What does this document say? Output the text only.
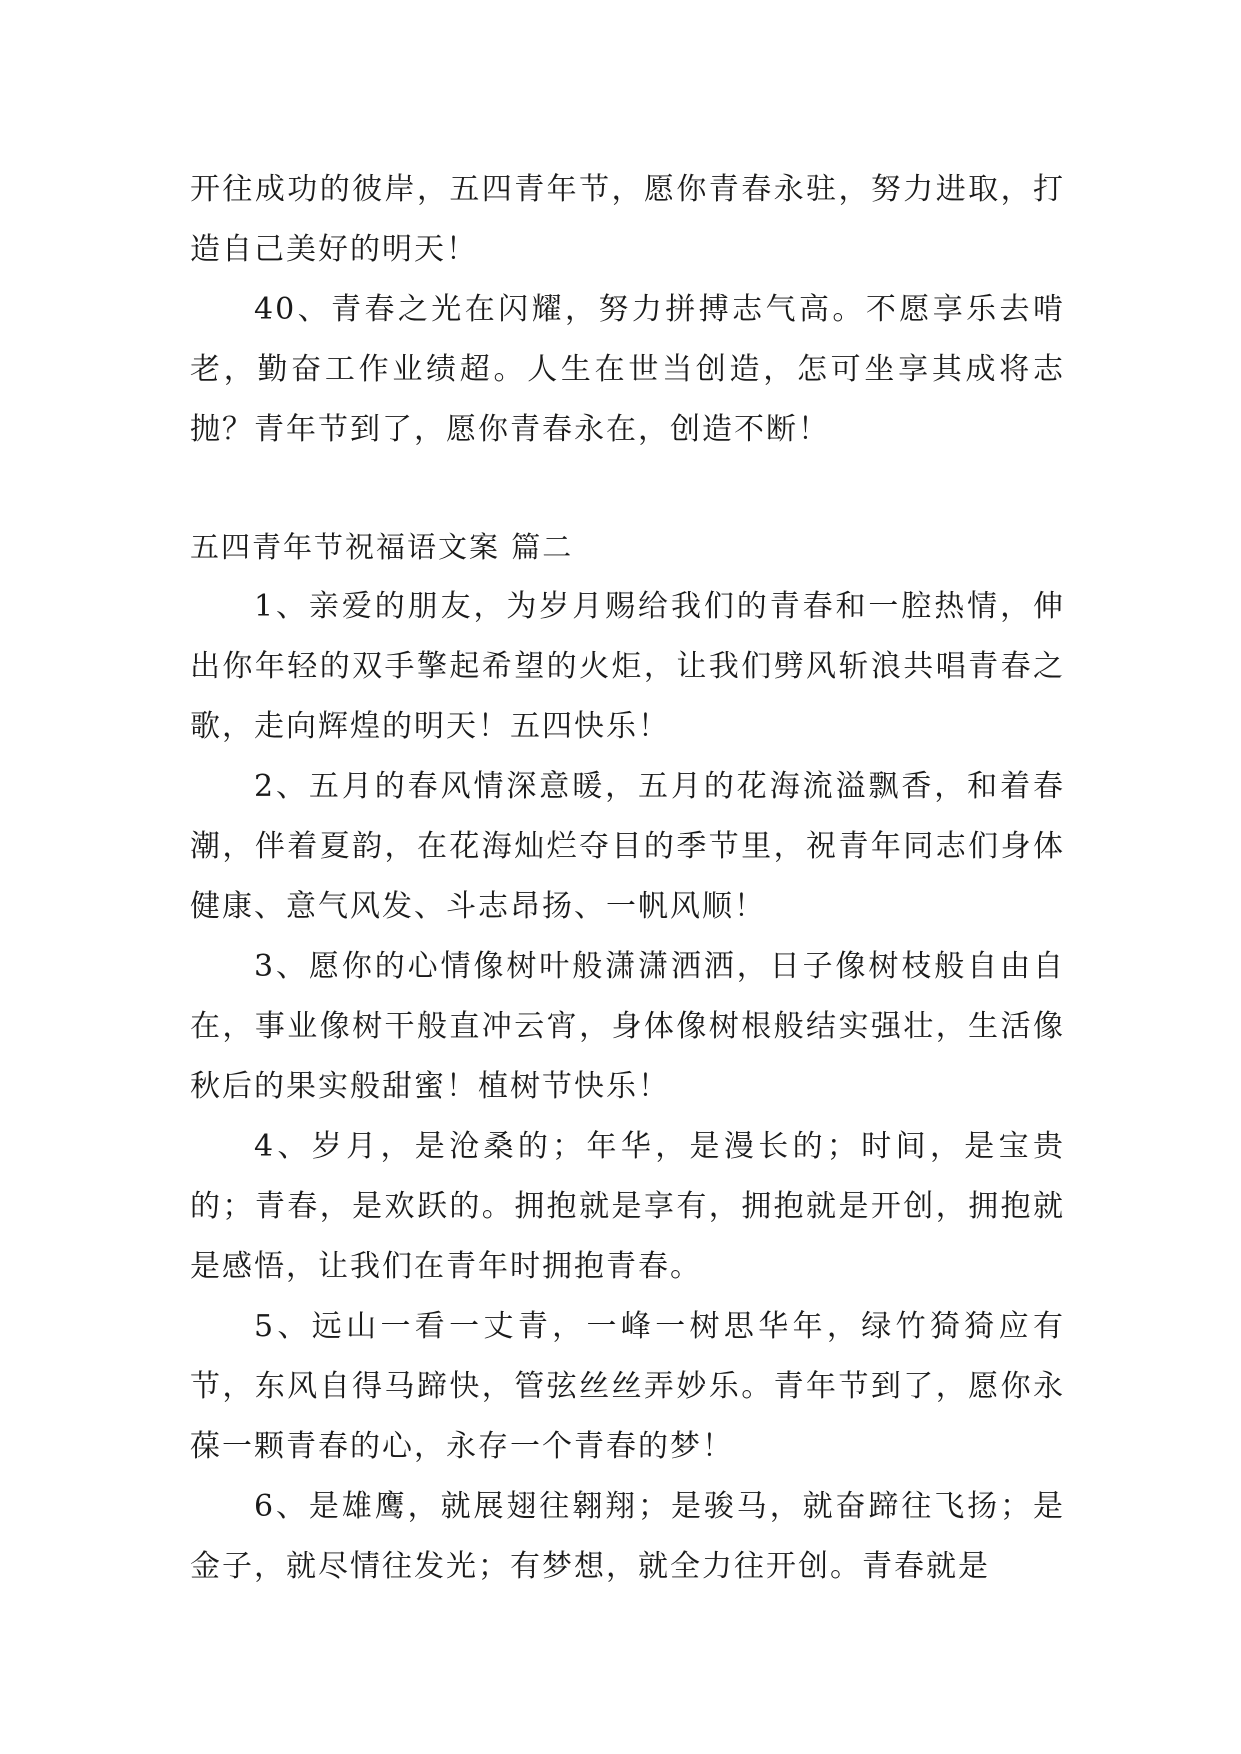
开往成功的彼岸，五四青年节，愿你青春永驻，努力进取，打造自己美好的明天！

40、青春之光在闪耀，努力拼搏志气高。不愿享乐去啃老，勤奋工作业绩超。人生在世当创造，怎可坐享其成将志抛？青年节到了，愿你青春永在，创造不断！

五四青年节祝福语文案 篇二

1、亲爱的朋友，为岁月赐给我们的青春和一腔热情，伸出你年轻的双手擎起希望的火炬，让我们劈风斩浪共唱青春之歌，走向辉煌的明天！五四快乐！

2、五月的春风情深意暖，五月的花海流溢飘香，和着春潮，伴着夏韵，在花海灿烂夺目的季节里，祝青年同志们身体健康、意气风发、斗志昂扬、一帆风顺！

3、愿你的心情像树叶般潇潇洒洒，日子像树枝般自由自在，事业像树干般直冲云宵，身体像树根般结实强壮，生活像秋后的果实般甜蜜！植树节快乐！

4、岁月，是沧桑的；年华，是漫长的；时间，是宝贵的；青春，是欢跃的。拥抱就是享有，拥抱就是开创，拥抱就是感悟，让我们在青年时拥抱青春。

5、远山一看一丈青，一峰一树思华年，绿竹猗猗应有节，东风自得马蹄快，管弦丝丝弄妙乐。青年节到了，愿你永葆一颗青春的心，永存一个青春的梦！

6、是雄鹰，就展翅往翱翔；是骏马，就奋蹄往飞扬；是金子，就尽情往发光；有梦想，就全力往开创。青春就是
